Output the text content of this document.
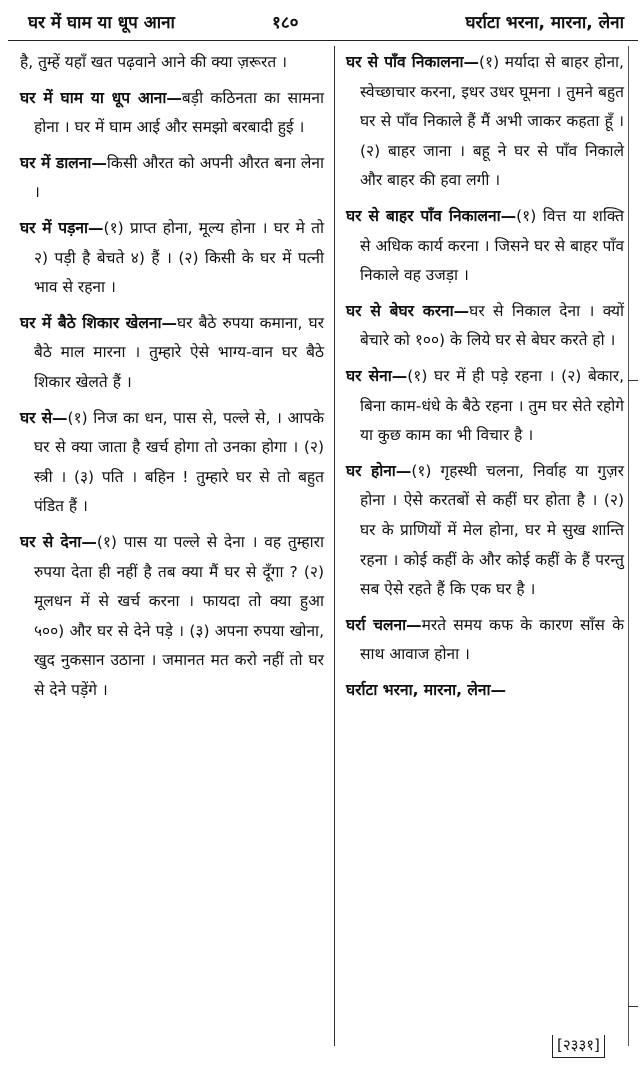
घर में घाम या धूप आना	१८०	घर्राटा भरना, मारना, लेना

है, तुम्हें यहाँ खत पढ़वाने आने की क्या ज़रूरत ।

घर में घाम या धूप आना—बड़ी कठिनता का सामना होना । घर में घाम आई और समझो बरबादी हुई ।

घर में डालना—किसी औरत को अपनी औरत बना लेना ।

घर में पड़ना—(१) प्राप्त होना, मूल्य होना । घर मे तो २) पड़ी है बेचते ४) हैं । (२) किसी के घर में पत्नी भाव से रहना ।

घर में बैठे शिकार खेलना—घर बैठे रुपया कमाना, घर बैठे माल मारना । तुम्हारे ऐसे भाग्य-वान घर बैठे शिकार खेलते हैं ।

घर से—(१) निज का धन, पास से, पल्ले से, । आपके घर से क्या जाता है खर्च होगा तो उनका होगा । (२) स्त्री । (३) पति । बहिन ! तुम्हारे घर से तो बहुत पंडित हैं ।

घर से देना—(१) पास या पल्ले से देना । वह तुम्हारा रुपया देता ही नहीं है तब क्या मैं घर से दूँगा ? (२) मूलधन में से खर्च करना । फायदा तो क्या हुआ ५००) और घर से देने पड़े । (३) अपना रुपया खोना, खुद नुकसान उठाना । जमानत मत करो नहीं तो घर से देने पड़ेंगे ।

घर से पाँव निकालना—(१) मर्यादा से बाहर होना, स्वेच्छाचार करना, इधर उधर घूमना । तुमने बहुत घर से पाँव निकाले हैं मैं अभी जाकर कहता हूँ । (२) बाहर जाना । बहू ने घर से पाँव निकाले और बाहर की हवा लगी ।

घर से बाहर पाँव निकालना—(१) वित्त या शक्ति से अधिक कार्य करना । जिसने घर से बाहर पाँव निकाले वह उजड़ा ।

घर से बेघर करना—घर से निकाल देना । क्यों बेचारे को १००) के लिये घर से बेघर करते हो ।

घर सेना—(१) घर में ही पड़े रहना । (२) बेकार, बिना काम-धंधे के बैठे रहना । तुम घर सेते रहोगे या कुछ काम का भी विचार है ।

घर होना—(१) गृहस्थी चलना, निर्वाह या गुज़र होना । ऐसे करतबों से कहीं घर होता है । (२) घर के प्राणियों में मेल होना, घर मे सुख शान्ति रहना । कोई कहीं के और कोई कहीं के हैं परन्तु सब ऐसे रहते हैं कि एक घर है ।

घर्रा चलना—मरते समय कफ के कारण साँस के साथ आवाज होना ।

घर्राटा भरना, मारना, लेना—

[२३३१]
